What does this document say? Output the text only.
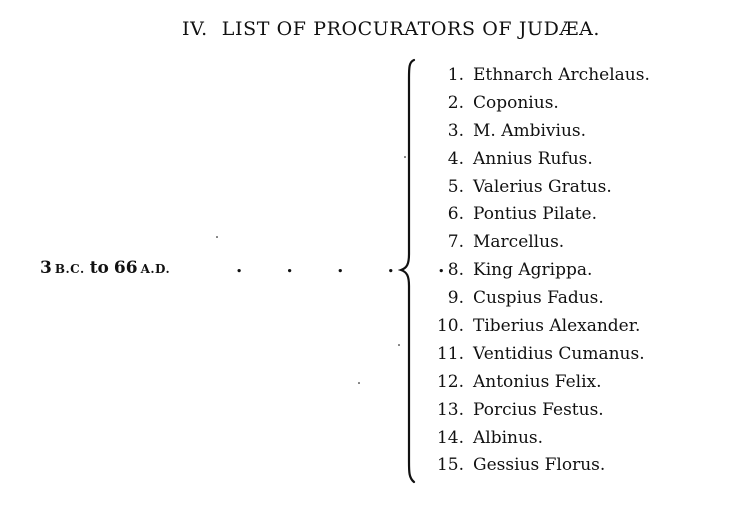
IV. LIST OF PROCURATORS OF JUDÆA.
3 B.C. to 66 A.D.	. . . . .
1. Ethnarch Archelaus.
2. Coponius.
3. M. Ambivius.
4. Annius Rufus.
5. Valerius Gratus.
6. Pontius Pilate.
7. Marcellus.
8. King Agrippa.
9. Cuspius Fadus.
10. Tiberius Alexander.
11. Ventidius Cumanus.
12. Antonius Felix.
13. Porcius Festus.
14. Albinus.
15. Gessius Florus.
